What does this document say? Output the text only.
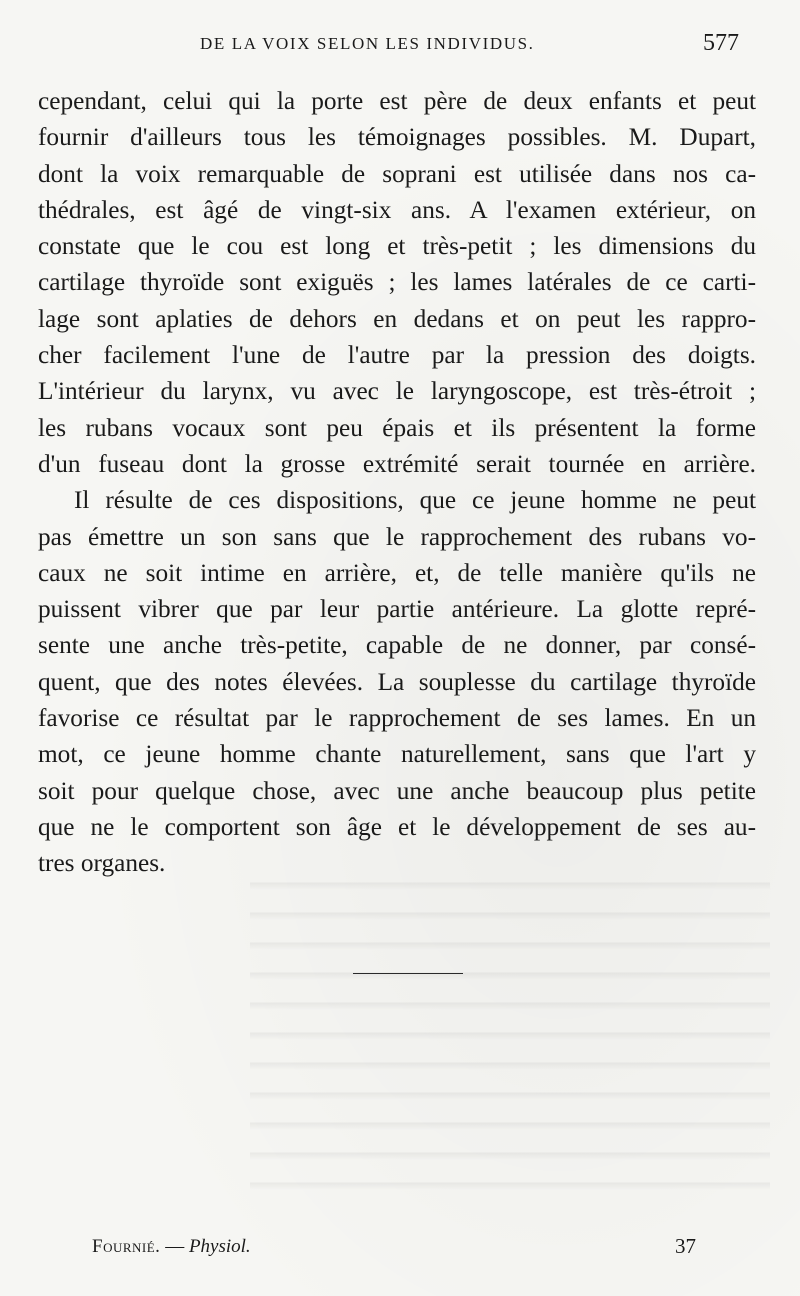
DE LA VOIX SELON LES INDIVIDUS.	577
cependant, celui qui la porte est père de deux enfants et peut
fournir d'ailleurs tous les témoignages possibles. M. Dupart,
dont la voix remarquable de soprani est utilisée dans nos ca-
thédrales, est âgé de vingt-six ans. A l'examen extérieur, on
constate que le cou est long et très-petit ; les dimensions du
cartilage thyroïde sont exiguës ; les lames latérales de ce carti-
lage sont aplaties de dehors en dedans et on peut les rappro-
cher facilement l'une de l'autre par la pression des doigts.
L'intérieur du larynx, vu avec le laryngoscope, est très-étroit ;
les rubans vocaux sont peu épais et ils présentent la forme
d'un fuseau dont la grosse extrémité serait tournée en arrière.
Il résulte de ces dispositions, que ce jeune homme ne peut
pas émettre un son sans que le rapprochement des rubans vo-
caux ne soit intime en arrière, et, de telle manière qu'ils ne
puissent vibrer que par leur partie antérieure. La glotte repré-
sente une anche très-petite, capable de ne donner, par consé-
quent, que des notes élevées. La souplesse du cartilage thyroïde
favorise ce résultat par le rapprochement de ses lames. En un
mot, ce jeune homme chante naturellement, sans que l'art y
soit pour quelque chose, avec une anche beaucoup plus petite
que ne le comportent son âge et le développement de ses au-
tres organes.
Fournié. — Physiol.	37
